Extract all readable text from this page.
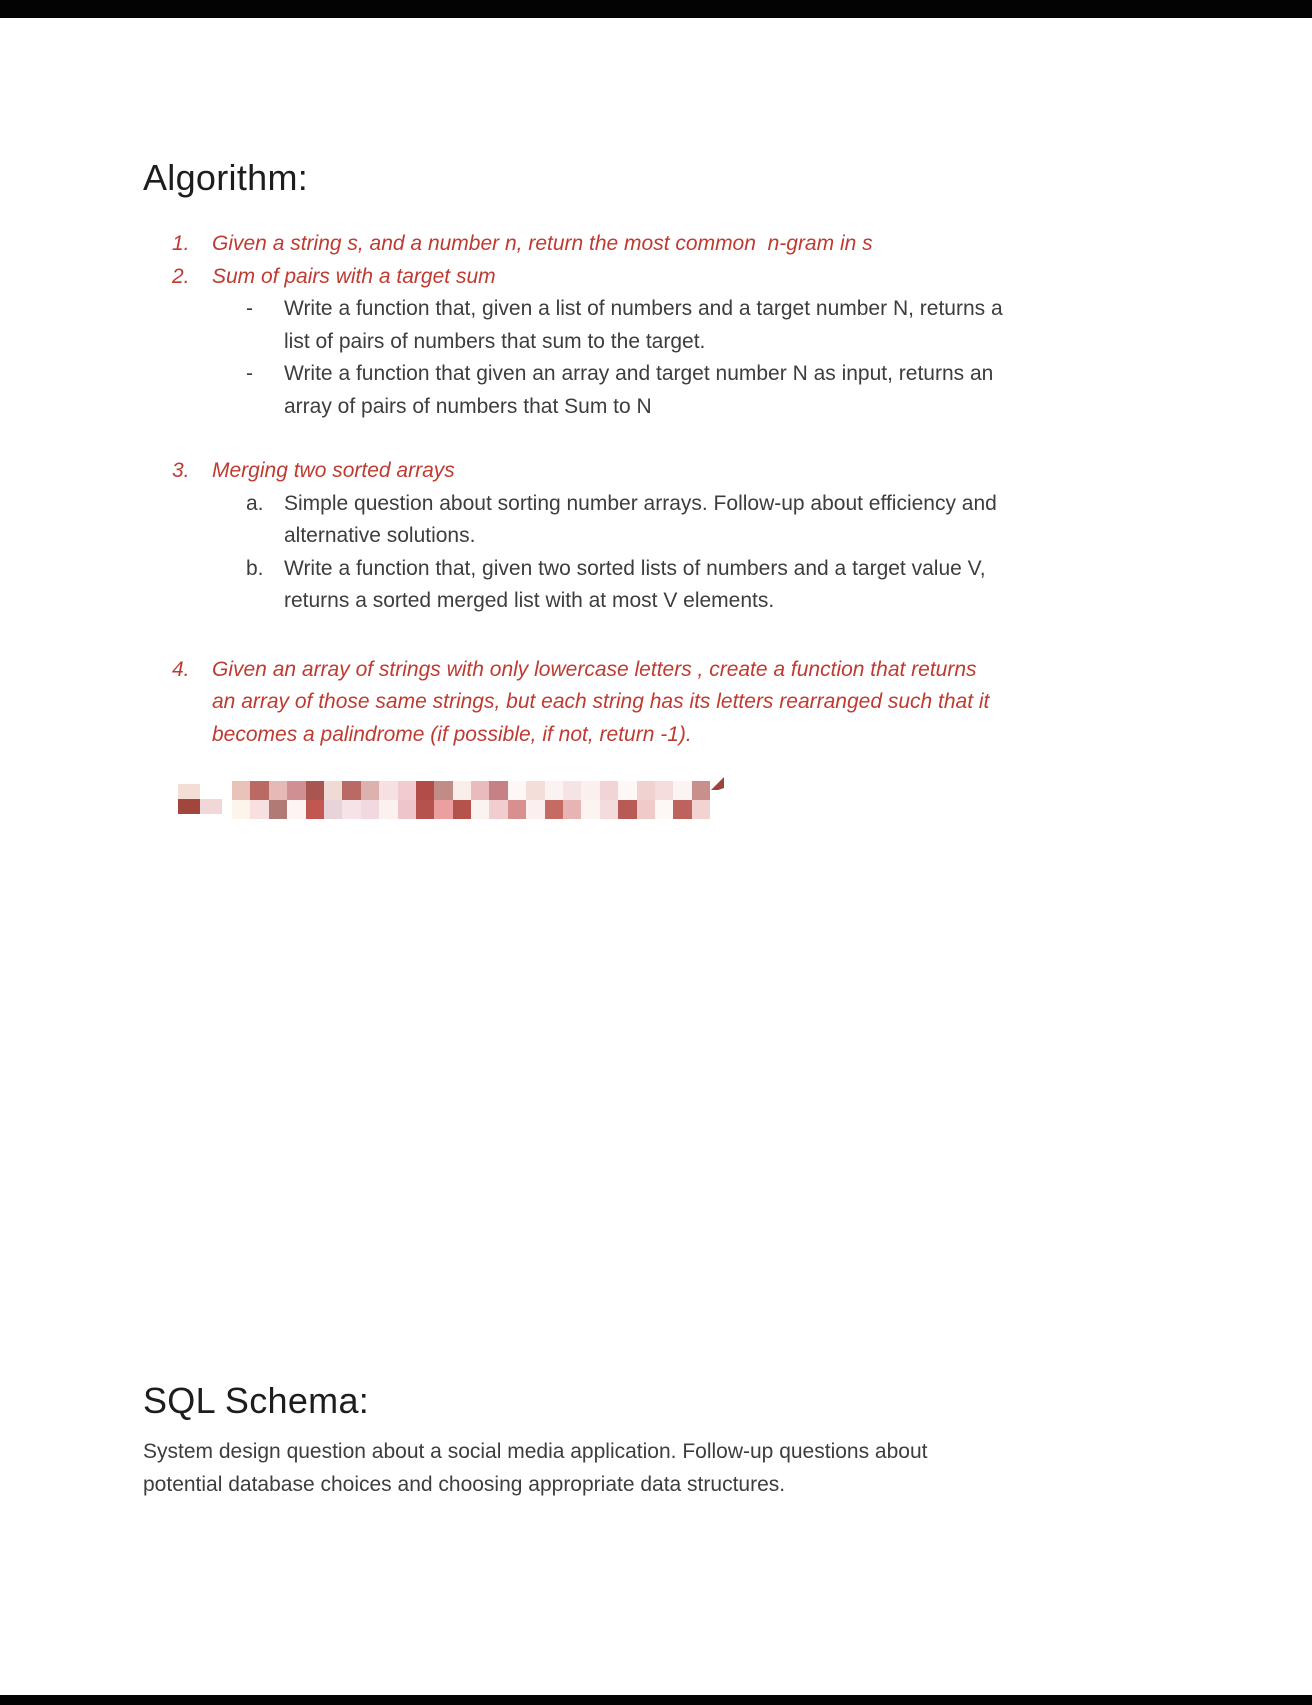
Algorithm:
1.	Given a string s, and a number n, return the most common  n-gram in s
2.	Sum of pairs with a target sum
-	Write a function that, given a list of numbers and a target number N, returns a
list of pairs of numbers that sum to the target.
-	Write a function that given an array and target number N as input, returns an
array of pairs of numbers that Sum to N
3.	Merging two sorted arrays
a. Simple question about sorting number arrays. Follow-up about efficiency and
alternative solutions.
b. Write a function that, given two sorted lists of numbers and a target value V,
returns a sorted merged list with at most V elements.
4.	Given an array of strings with only lowercase letters , create a function that returns
an array of those same strings, but each string has its letters rearranged such that it
becomes a palindrome (if possible, if not, return -1).
SQL Schema:
System design question about a social media application. Follow-up questions about
potential database choices and choosing appropriate data structures.
